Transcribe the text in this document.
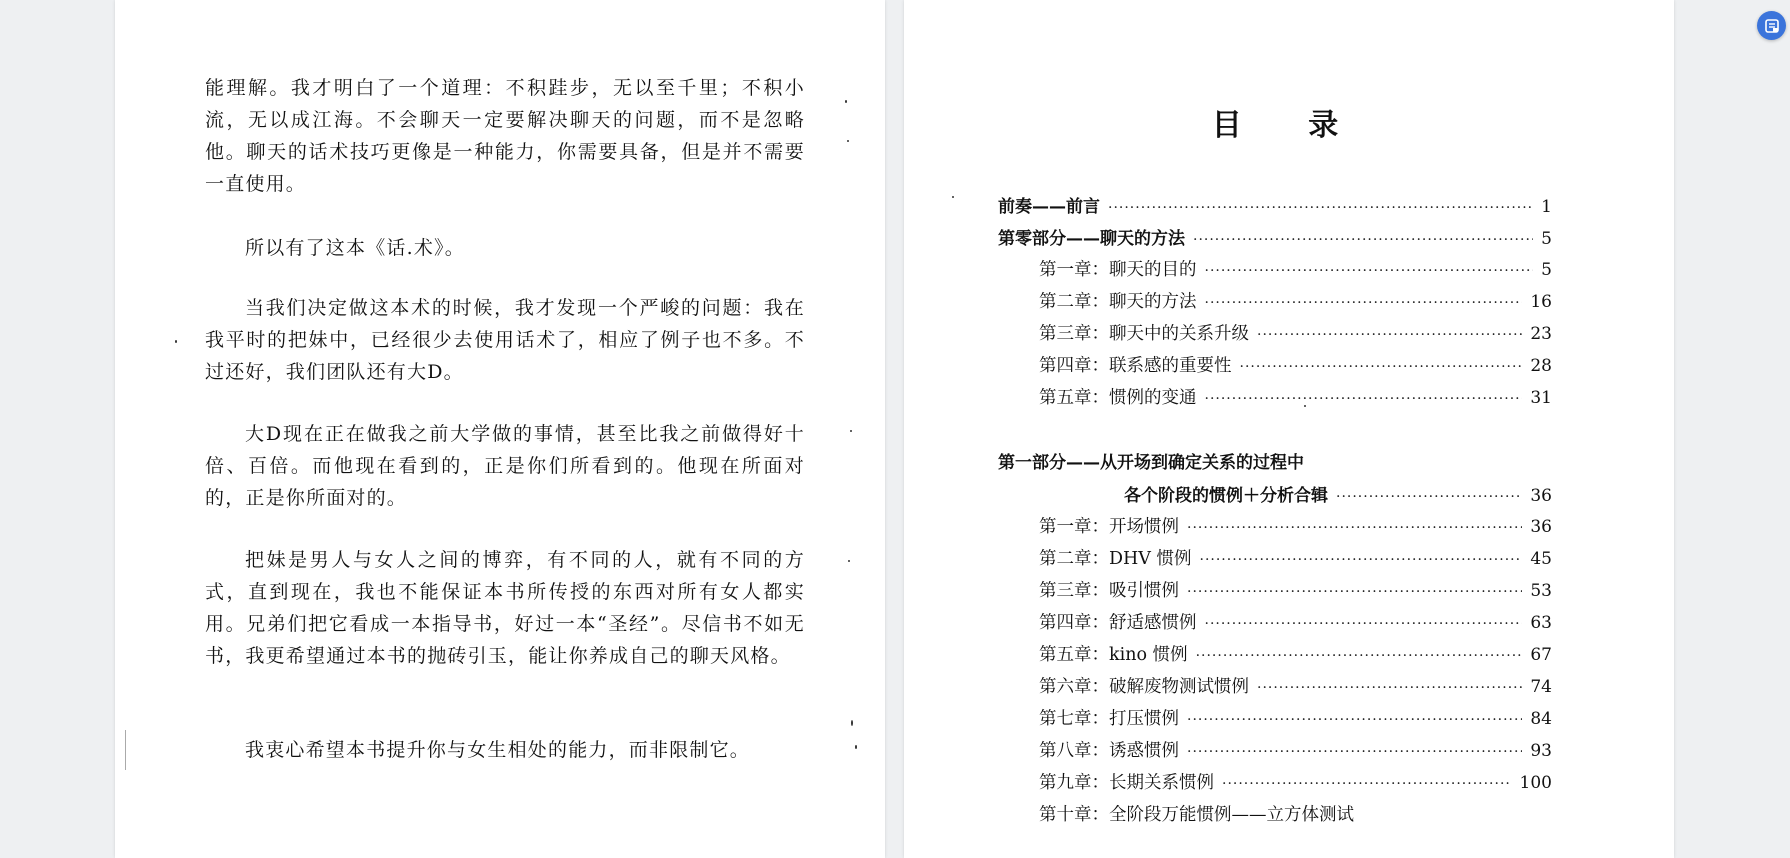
能理解。我才明白了一个道理：不积跬步，无以至千里；不积小流，无以成江海。不会聊天一定要解决聊天的问题，而不是忽略他。聊天的话术技巧更像是一种能力，你需要具备，但是并不需要一直使用。

所以有了这本《话.术》。

当我们决定做这本术的时候，我才发现一个严峻的问题：我在我平时的把妹中，已经很少去使用话术了，相应了例子也不多。不过还好，我们团队还有大D。

大D现在正在做我之前大学做的事情，甚至比我之前做得好十倍、百倍。而他现在看到的，正是你们所看到的。他现在所面对的，正是你所面对的。

把妹是男人与女人之间的博弈，有不同的人，就有不同的方式，直到现在，我也不能保证本书所传授的东西对所有女人都实用。兄弟们把它看成一本指导书，好过一本“圣经”。尽信书不如无书，我更希望通过本书的抛砖引玉，能让你养成自己的聊天风格。

我衷心希望本书提升你与女生相处的能力，而非限制它。

目 录
前奏——前言 ·····	1
第零部分——聊天的方法 ·····	5
第一章：聊天的目的 ·····	5
第二章：聊天的方法 ·····	16
第三章：聊天中的关系升级 ·····	23
第四章：联系感的重要性 ·····	28
第五章：惯例的变通 ·····	31
第一部分——从开场到确定关系的过程中
各个阶段的惯例＋分析合辑 ·····	36
第一章：开场惯例 ·····	36
第二章：DHV 惯例 ·····	45
第三章：吸引惯例 ·····	53
第四章：舒适感惯例 ·····	63
第五章：kino 惯例 ·····	67
第六章：破解废物测试惯例 ·····	74
第七章：打压惯例 ·····	84
第八章：诱惑惯例 ·····	93
第九章：长期关系惯例 ·····	100
第十章：全阶段万能惯例——立方体测试
